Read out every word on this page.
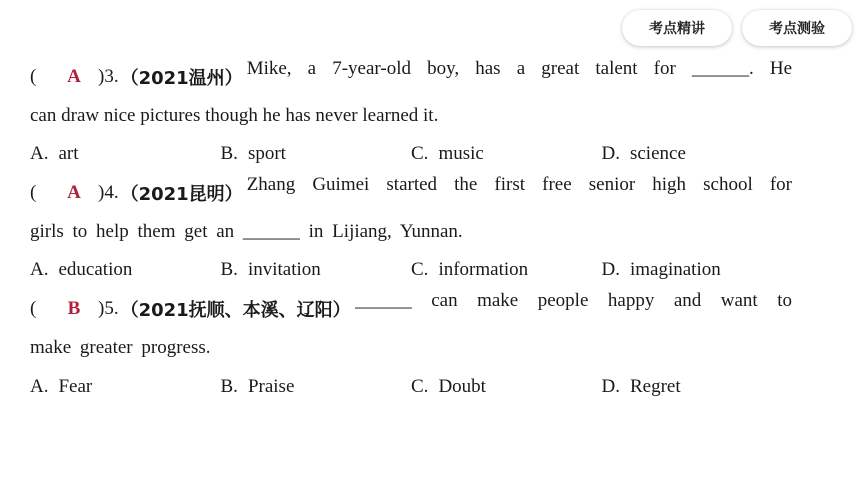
考点精讲	考点测验
(	A )3. （2021温州） Mike, a 7-year-old boy, has a great talent for ______. He
can draw nice pictures though he has never learned it.
A. art	B. sport	C. music	D. science
(	A )4. （2021昆明） Zhang Guimei started the first free senior high school for
girls to help them get an ______ in Lijiang, Yunnan.
A. education	B. invitation	C. information	D. imagination
(	B )5. （2021抚顺、本溪、辽阳） ______ can make people happy and want to
make greater progress.
A. Fear	B. Praise	C. Doubt	D. Regret
